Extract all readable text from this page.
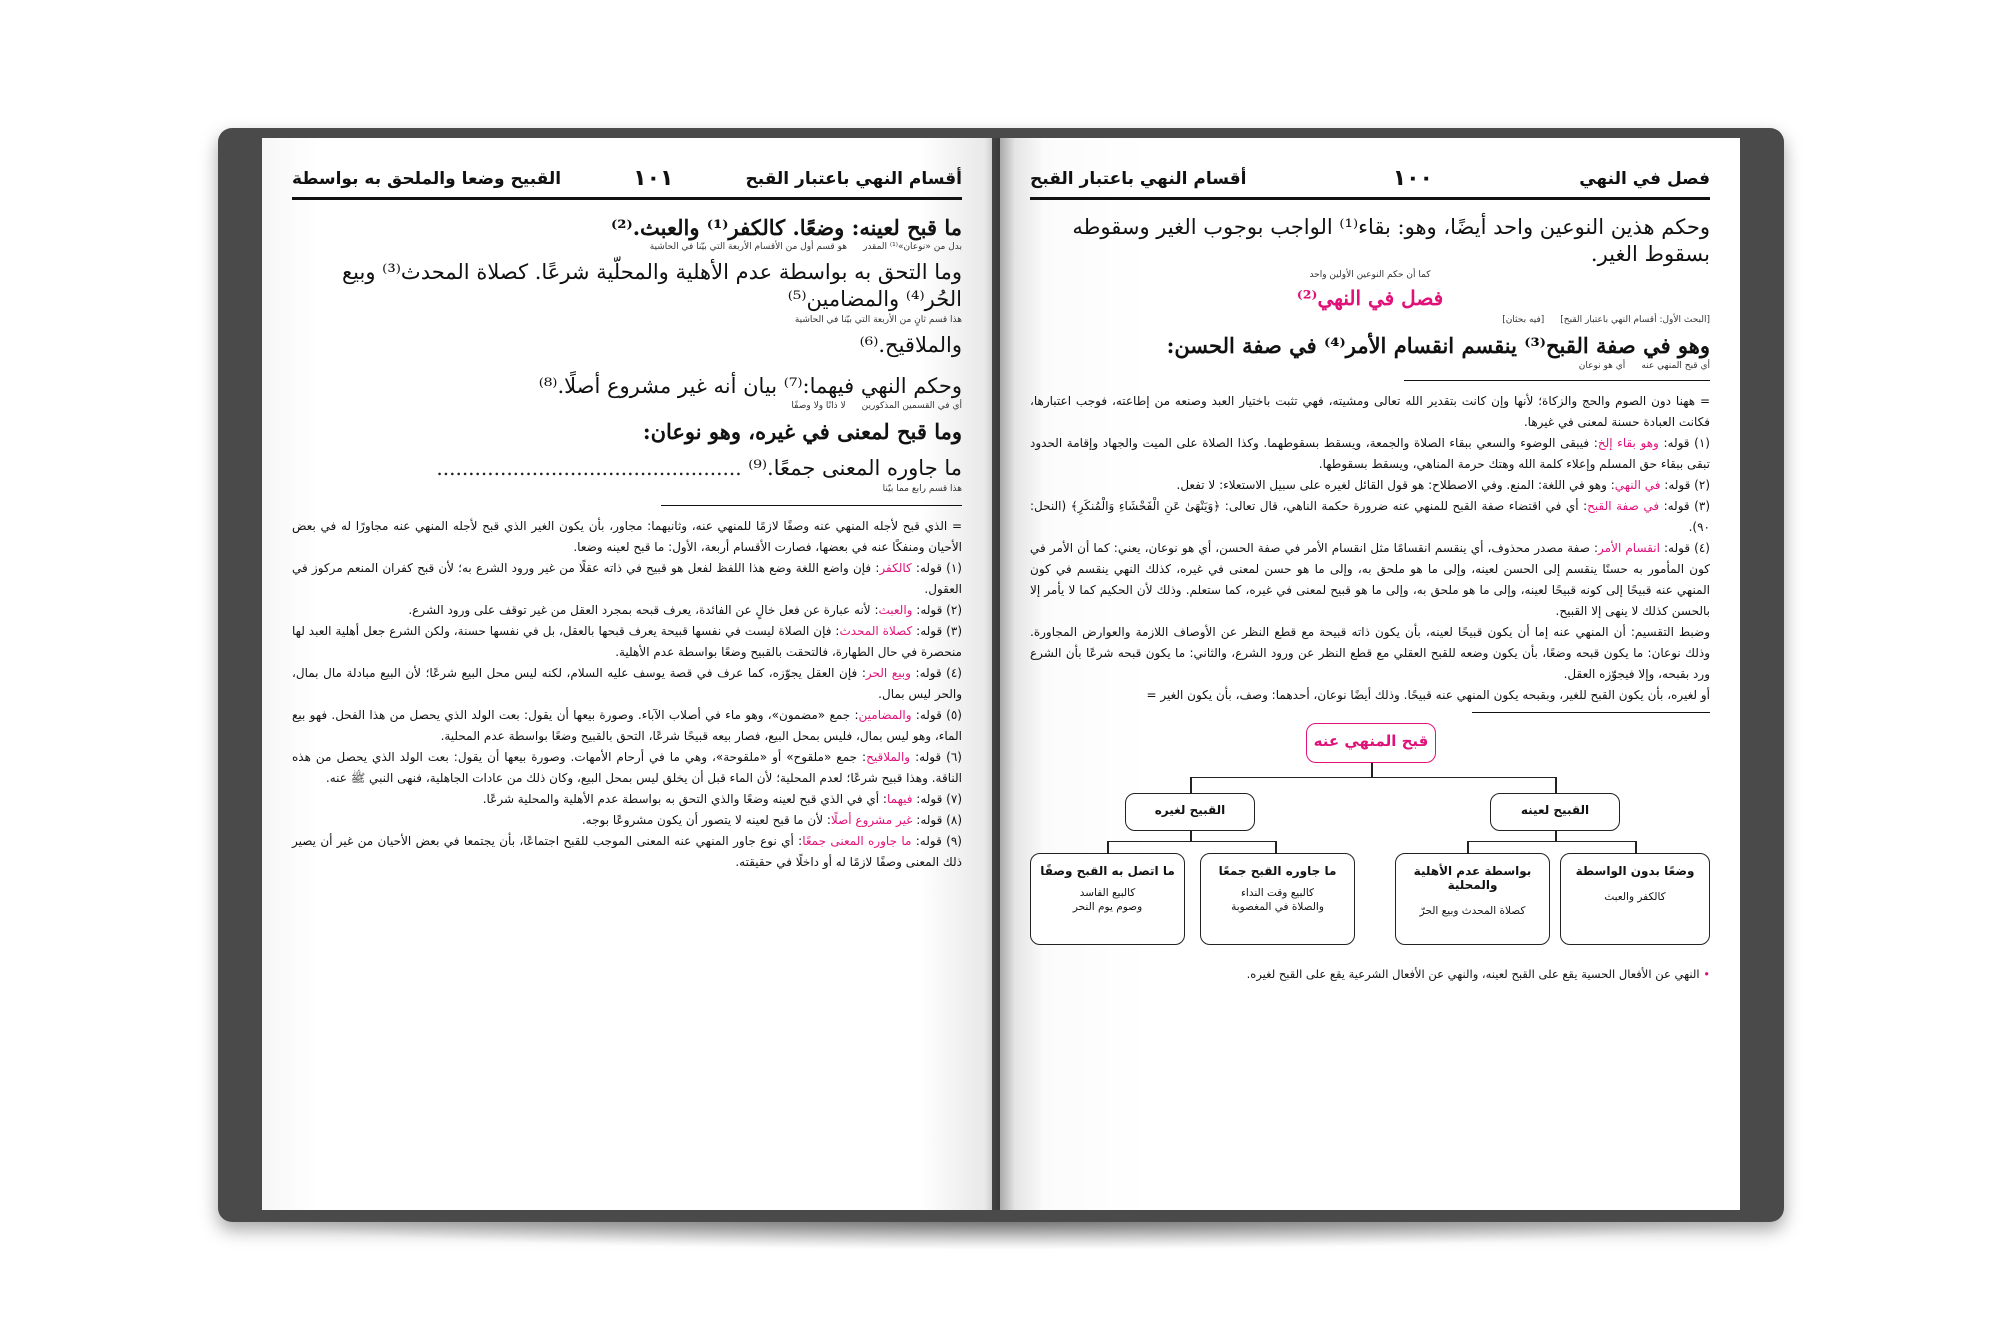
أقسام النهي باعتبار القبح
١٠١
القبيح وضعا والملحق به بواسطة
ما قبح لعينه: وضعًا. كالكفر⁽¹⁾ والعبث.⁽²⁾
بدل من «نوعان»⁽¹⁾ المقدر
هو قسم أول من الأقسام الأربعة التي بيّنا في الحاشية
وما التحق به بواسطة عدم الأهلية والمحلّية شرعًا. كصلاة المحدث⁽³⁾ وبيع الحُر⁽⁴⁾ والمضامين⁽⁵⁾
هذا قسم ثانٍ من الأربعة التي بيّنا في الحاشية
والملاقيح.⁽⁶⁾
وحكم النهي فيهما:⁽⁷⁾ بيان أنه غير مشروع أصلًا.⁽⁸⁾
أي في القسمين المذكورين
لا ذاتًا ولا وصفًا
وما قبح لمعنى في غيره، وهو نوعان:
ما جاوره المعنى جمعًا.⁽⁹⁾ ................................................
هذا قسم رابع مما بيّنا

= الذي قبح لأجله المنهي عنه وصفًا لازمًا للمنهي عنه، وثانيهما: مجاور، بأن يكون الغير الذي قبح لأجله المنهي عنه مجاورًا له في بعض الأحيان ومنفكًا عنه في بعضها، فصارت الأقسام أربعة، الأول: ما قبح لعينه وضعا.

(١) قوله: كالكفر: فإن واضع اللغة وضع هذا اللفظ لفعل هو قبيح في ذاته عقلًا من غير ورود الشرع به؛ لأن قبح كفران المنعم مركوز في العقول.

(٢) قوله: والعبث: لأنه عبارة عن فعل خالٍ عن الفائدة، يعرف قبحه بمجرد العقل من غير توقف على ورود الشرع.

(٣) قوله: كصلاة المحدث: فإن الصلاة ليست في نفسها قبيحة يعرف قبحها بالعقل، بل في نفسها حسنة، ولكن الشرع جعل أهلية العبد لها منحصرة في حال الطهارة، فالتحقت بالقبيح وضعًا بواسطة عدم الأهلية.

(٤) قوله: وبيع الحر: فإن العقل يجوّزه، كما عرف في قصة يوسف عليه السلام، لكنه ليس محل البيع شرعًا؛ لأن البيع مبادلة مال بمال، والحر ليس بمال.

(٥) قوله: والمضامين: جمع «مضمون»، وهو ماء في أصلاب الآباء. وصورة بيعها أن يقول: بعت الولد الذي يحصل من هذا الفحل. فهو بيع الماء، وهو ليس بمال، فليس بمحل البيع، فصار بيعه قبيحًا شرعًا، التحق بالقبيح وضعًا بواسطة عدم المحلية.

(٦) قوله: والملاقيح: جمع «ملقوح» أو «ملقوحة»، وهي ما في أرحام الأمهات. وصورة بيعها أن يقول: بعت الولد الذي يحصل من هذه الناقة. وهذا قبيح شرعًا؛ لعدم المحلية؛ لأن الماء قبل أن يخلق ليس بمحل البيع، وكان ذلك من عادات الجاهلية، فنهى النبي ﷺ عنه.

(٧) قوله: فيهما: أي في الذي قبح لعينه وضعًا والذي التحق به بواسطة عدم الأهلية والمحلية شرعًا.

(٨) قوله: غير مشروع أصلًا: لأن ما قبح لعينه لا يتصور أن يكون مشروعًا بوجه.

(٩) قوله: ما جاوره المعنى جمعًا: أي نوع جاور المنهي عنه المعنى الموجب للقبح اجتماعًا، بأن يجتمعا في بعض الأحيان من غير أن يصير ذلك المعنى وصفًا لازمًا له أو داخلًا في حقيقته.

فصل في النهي
١٠٠
أقسام النهي باعتبار القبح
وحكم هذين النوعين واحد أيضًا، وهو: بقاء⁽¹⁾ الواجب بوجوب الغير وسقوطه بسقوط الغير.
كما أن حكم النوعين الأولين واحد
فصل في النهي⁽²⁾
[البحث الأول: أقسام النهي باعتبار القبح]
[فيه بحثان]
وهو في صفة القبح⁽³⁾ ينقسم انقسام الأمر⁽⁴⁾ في صفة الحسن:
أي قبح المنهي عنه
أي هو نوعان

= ههنا دون الصوم والحج والزكاة؛ لأنها وإن كانت بتقدير الله تعالى ومشيته، فهي تثبت باختيار العبد وصنعه من إطاعته، فوجب اعتبارها، فكانت العبادة حسنة لمعنى في غيرها.

(١) قوله: وهو بقاء إلخ: فيبقى الوضوء والسعي ببقاء الصلاة والجمعة، ويسقط بسقوطهما. وكذا الصلاة على الميت والجهاد وإقامة الحدود تبقى ببقاء حق المسلم وإعلاء كلمة الله وهتك حرمة المناهي، ويسقط بسقوطها.

(٢) قوله: في النهي: وهو في اللغة: المنع. وفي الاصطلاح: هو قول القائل لغيره على سبيل الاستعلاء: لا تفعل.

(٣) قوله: في صفة القبح: أي في اقتضاء صفة القبح للمنهي عنه ضرورة حكمة الناهي، قال تعالى: ﴿وَيَنْهَىٰ عَنِ الْفَحْشَاءِ وَالْمُنكَرِ﴾ (النحل: ٩٠).

(٤) قوله: انقسام الأمر: صفة مصدر محذوف، أي ينقسم انقسامًا مثل انقسام الأمر في صفة الحسن، أي هو نوعان، يعني: كما أن الأمر في كون المأمور به حسنًا ينقسم إلى الحسن لعينه، وإلى ما هو ملحق به، وإلى ما هو حسن لمعنى في غيره، كذلك النهي ينقسم في كون المنهي عنه قبيحًا إلى كونه قبيحًا لعينه، وإلى ما هو ملحق به، وإلى ما هو قبيح لمعنى في غيره، كما ستعلم. وذلك لأن الحكيم كما لا يأمر إلا بالحسن كذلك لا ينهى إلا القبيح.

وضبط التقسيم: أن المنهي عنه إما أن يكون قبيحًا لعينه، بأن يكون ذاته قبيحة مع قطع النظر عن الأوصاف اللازمة والعوارض المجاورة. وذلك نوعان: ما يكون قبحه وضعًا، بأن يكون وضعه للقبح العقلي مع قطع النظر عن ورود الشرع، والثاني: ما يكون قبحه شرعًا بأن الشرع ورد بقبحه، وإلا فيجوّزه العقل.

أو لغيره، بأن يكون القبح للغير، وبقبحه يكون المنهي عنه قبيحًا. وذلك أيضًا نوعان، أحدهما: وصف، بأن يكون الغير =

قبح المنهي عنه
القبيح لعينه
القبيح لغيره
وضعًا بدون الواسطة
كالكفر والعبث
بواسطة عدم الأهلية والمحلية
كصلاة المحدث وبيع الحرّ
ما جاوره القبح جمعًا
كالبيع وقت النداء
والصلاة في المغصوبة
ما اتصل به القبح وصفًا
كالبيع الفاسد
وصوم يوم النحر
• النهي عن الأفعال الحسية يقع على القبح لعينه، والنهي عن الأفعال الشرعية يقع على القبح لغيره.
